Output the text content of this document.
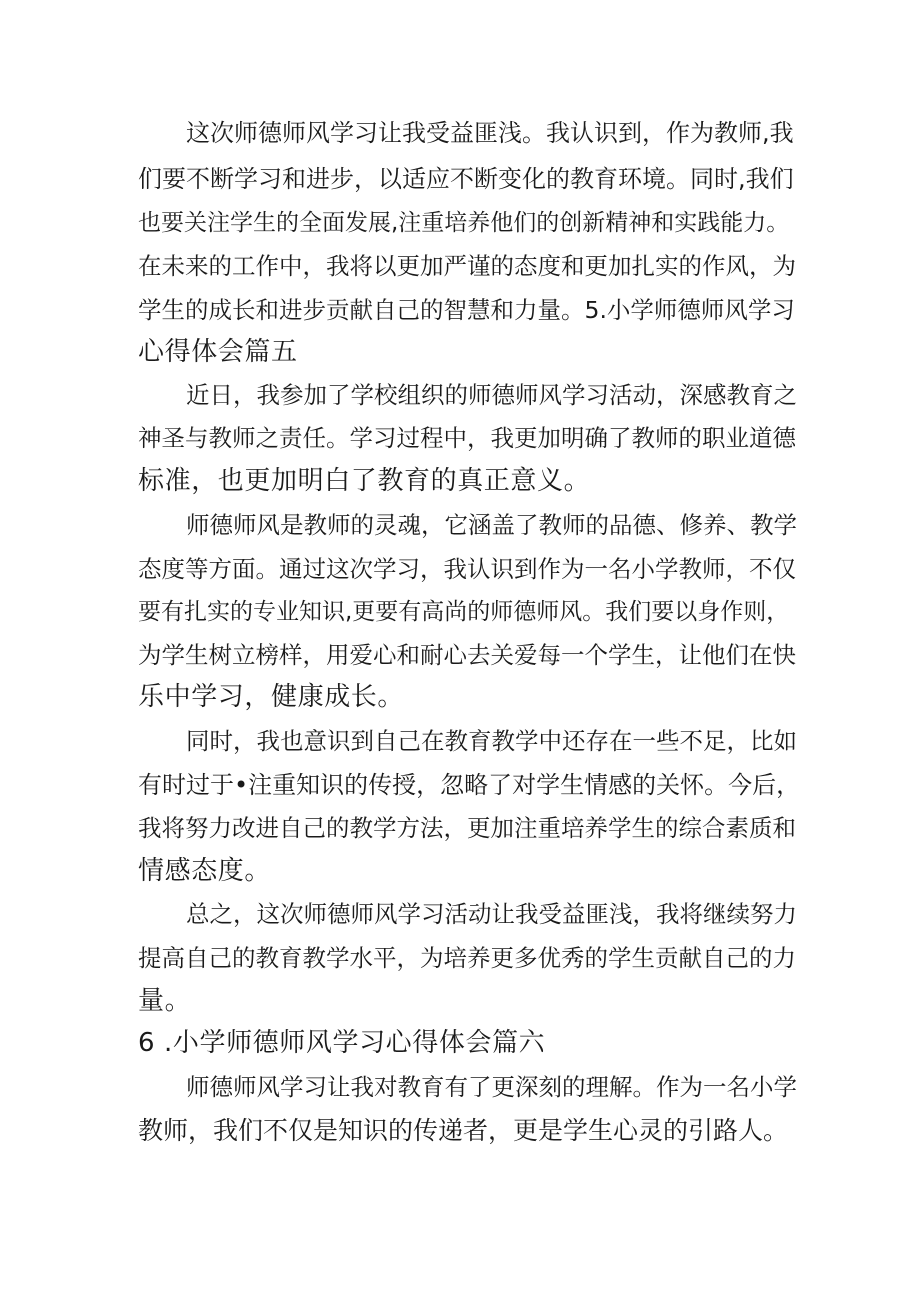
这次师德师风学习让我受益匪浅。我认识到，作为教师,我
们要不断学习和进步，以适应不断变化的教育环境。同时,我们
也要关注学生的全面发展,注重培养他们的创新精神和实践能力。
在未来的工作中，我将以更加严谨的态度和更加扎实的作风，为
学生的成长和进步贡献自己的智慧和力量。5.小学师德师风学习
心得体会篇五
近日，我参加了学校组织的师德师风学习活动，深感教育之
神圣与教师之责任。学习过程中，我更加明确了教师的职业道德
标准，也更加明白了教育的真正意义。
师德师风是教师的灵魂，它涵盖了教师的品德、修养、教学
态度等方面。通过这次学习，我认识到作为一名小学教师，不仅
要有扎实的专业知识,更要有高尚的师德师风。我们要以身作则，
为学生树立榜样，用爱心和耐心去关爱每一个学生，让他们在快
乐中学习，健康成长。
同时，我也意识到自己在教育教学中还存在一些不足，比如
有时过于•注重知识的传授，忽略了对学生情感的关怀。今后，
我将努力改进自己的教学方法，更加注重培养学生的综合素质和
情感态度。
总之，这次师德师风学习活动让我受益匪浅，我将继续努力
提高自己的教育教学水平，为培养更多优秀的学生贡献自己的力
量。
6 .小学师德师风学习心得体会篇六
师德师风学习让我对教育有了更深刻的理解。作为一名小学
教师，我们不仅是知识的传递者，更是学生心灵的引路人。
